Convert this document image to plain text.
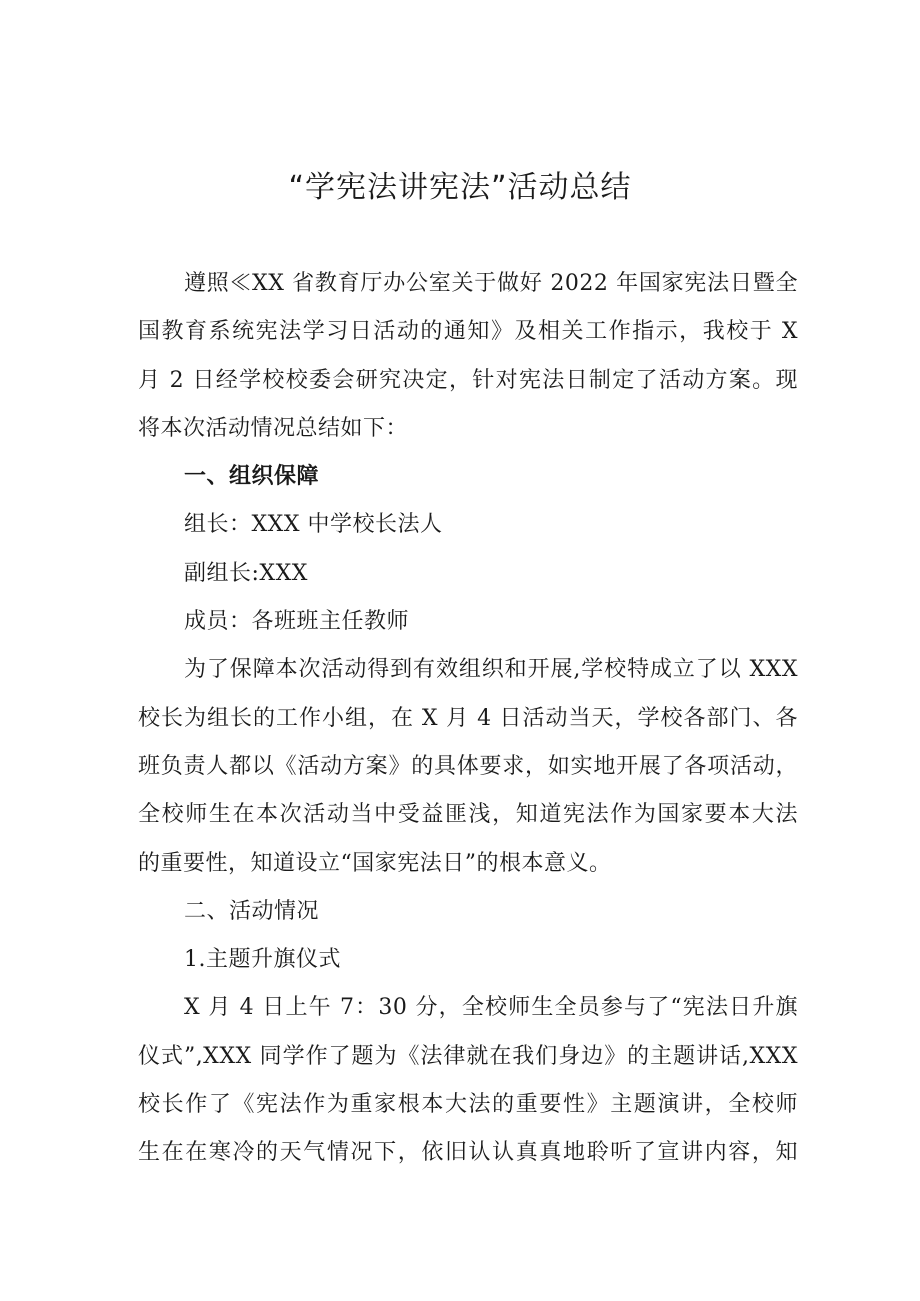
“学宪法讲宪法”活动总结
遵照≪XX 省教育厅办公室关于做好 2022 年国家宪法日暨全
国教育系统宪法学习日活动的通知》及相关工作指示，我校于 X
月 2 日经学校校委会研究决定，针对宪法日制定了活动方案。现
将本次活动情况总结如下：
一、组织保障
组长：XXX 中学校长法人
副组长:XXX
成员：各班班主任教师
为了保障本次活动得到有效组织和开展,学校特成立了以 XXX
校长为组长的工作小组，在 X 月 4 日活动当天，学校各部门、各
班负责人都以《活动方案》的具体要求，如实地开展了各项活动，
全校师生在本次活动当中受益匪浅，知道宪法作为国家要本大法
的重要性，知道设立“国家宪法日”的根本意义。
二、活动情况
1.主题升旗仪式
X 月 4 日上午 7：30 分，全校师生全员参与了“宪法日升旗
仪式”,XXX 同学作了题为《法律就在我们身边》的主题讲话,XXX
校长作了《宪法作为重家根本大法的重要性》主题演讲，全校师
生在在寒冷的天气情况下，依旧认认真真地聆听了宣讲内容，知
